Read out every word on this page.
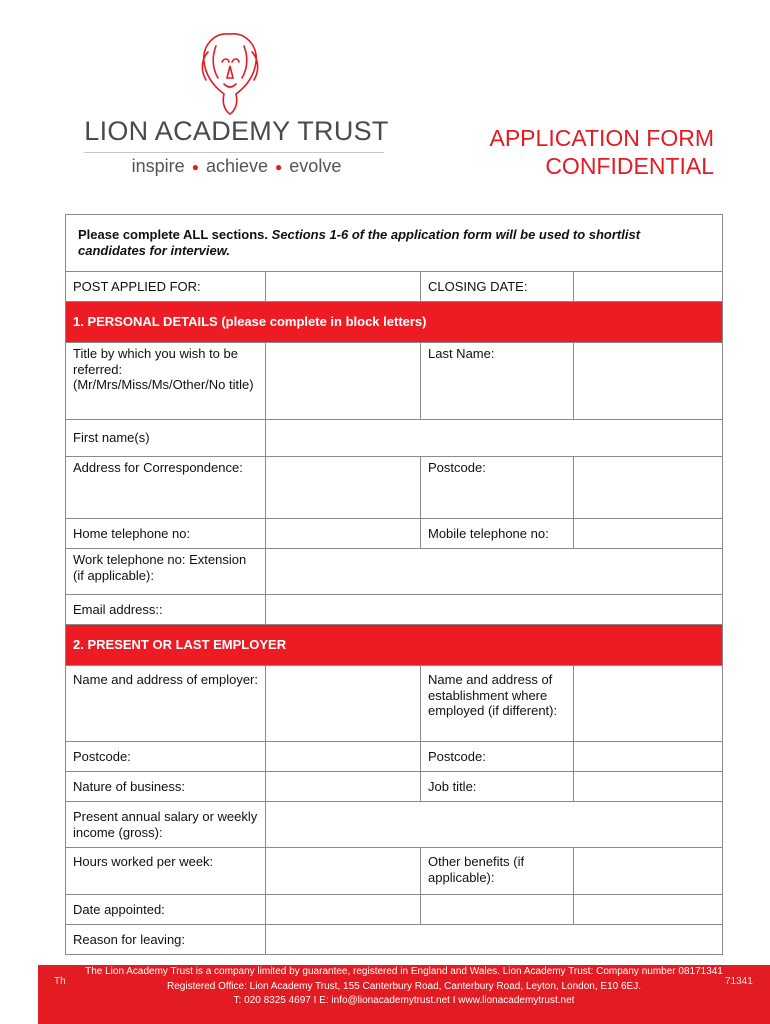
LION ACADEMY TRUST
inspire ● achieve ● evolve
APPLICATION FORM
CONFIDENTIAL
Please complete ALL sections. Sections 1-6 of the application form will be used to shortlist candidates for interview.			
POST APPLIED FOR:		CLOSING DATE:	
1. PERSONAL DETAILS (please complete in block letters)			
Title by which you wish to be referred: (Mr/Mrs/Miss/Ms/Other/No title)		Last Name:	
First name(s)			
Address for Correspondence:		Postcode:	
Home telephone no:		Mobile telephone no:	
Work telephone no: Extension (if applicable):			
Email address::			
2. PRESENT OR LAST EMPLOYER			
Name and address of employer:		Name and address of establishment where employed (if different):	
Postcode:		Postcode:	
Nature of business:		Job title:	
Present annual salary or weekly income (gross):			
Hours worked per week:		Other benefits (if applicable):	
Date appointed:			
Reason for leaving:			
The Lion Academy Trust is a company limited by guarantee, registered in England and Wales. Lion Academy Trust: Company number 08171341
Registered Office: Lion Academy Trust, 155 Canterbury Road, Canterbury Road, Leyton, London, E10 6EJ.
T: 020 8325 4697 I E: info@lionacademytrust.net I www.lionacademytrust.net
Th	71341
